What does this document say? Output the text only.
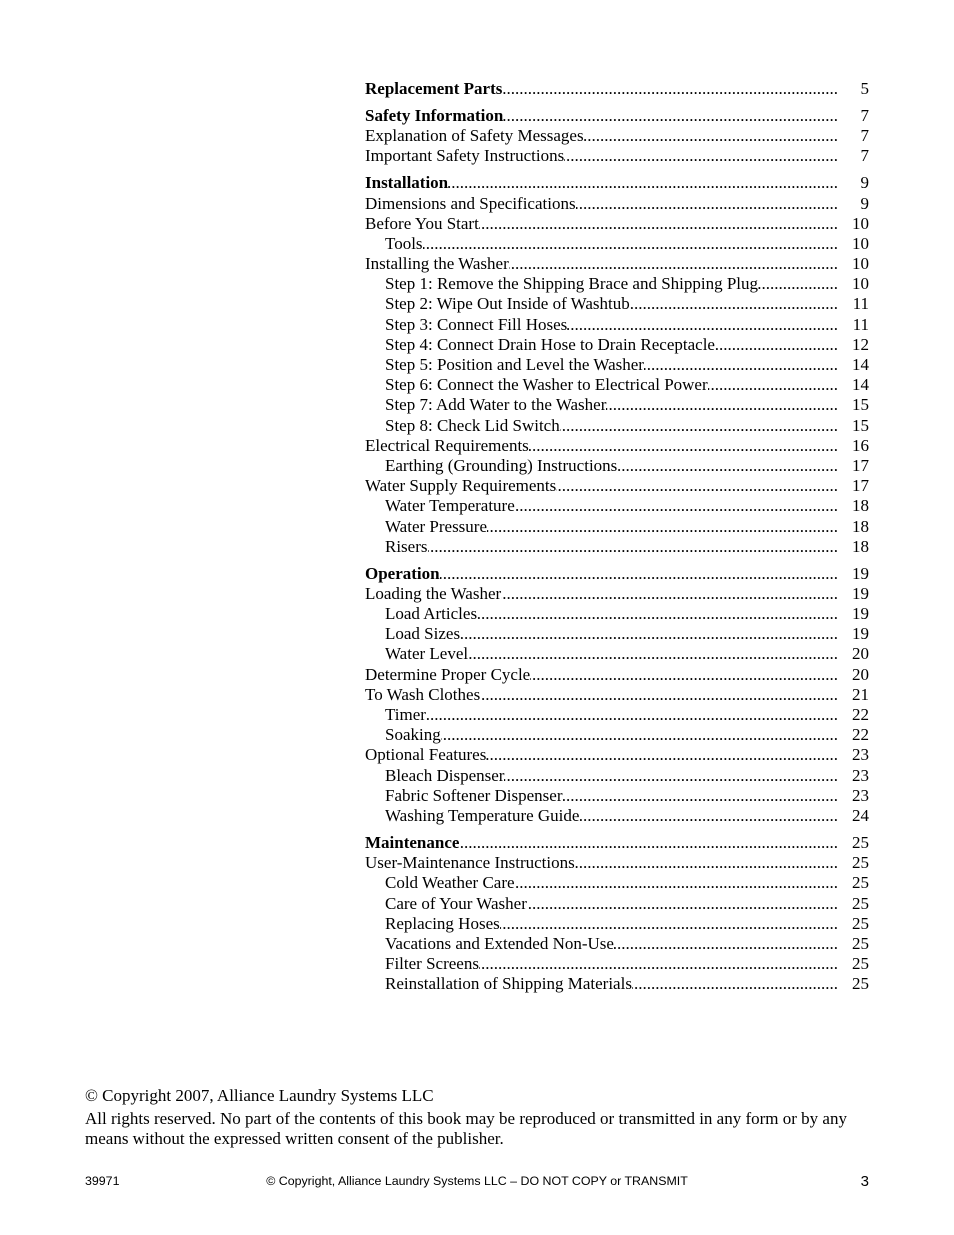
Replacement Parts .....	5
Safety Information .....	7
Explanation of Safety Messages .....	7
Important Safety Instructions .....	7
Installation .....	9
Dimensions and Specifications .....	9
Before You Start .....	10
Tools .....	10
Installing the Washer .....	10
Step 1: Remove the Shipping Brace and Shipping Plug .....	10
Step 2: Wipe Out Inside of Washtub .....	11
Step 3: Connect Fill Hoses .....	11
Step 4: Connect Drain Hose to Drain Receptacle .....	12
Step 5: Position and Level the Washer .....	14
Step 6: Connect the Washer to Electrical Power .....	14
Step 7: Add Water to the Washer .....	15
Step 8: Check Lid Switch .....	15
Electrical Requirements .....	16
Earthing (Grounding) Instructions .....	17
Water Supply Requirements .....	17
Water Temperature .....	18
Water Pressure .....	18
Risers .....	18
Operation .....	19
Loading the Washer .....	19
Load Articles .....	19
Load Sizes .....	19
Water Level .....	20
Determine Proper Cycle .....	20
To Wash Clothes .....	21
Timer .....	22
Soaking .....	22
Optional Features .....	23
Bleach Dispenser .....	23
Fabric Softener Dispenser .....	23
Washing Temperature Guide .....	24
Maintenance .....	25
User-Maintenance Instructions .....	25
Cold Weather Care .....	25
Care of Your Washer .....	25
Replacing Hoses .....	25
Vacations and Extended Non-Use .....	25
Filter Screens .....	25
Reinstallation of Shipping Materials .....	25

© Copyright 2007, Alliance Laundry Systems LLC

All rights reserved. No part of the contents of this book may be reproduced or transmitted in any form or by any means without the expressed written consent of the publisher.

39971	© Copyright, Alliance Laundry Systems LLC – DO NOT COPY or TRANSMIT	3
